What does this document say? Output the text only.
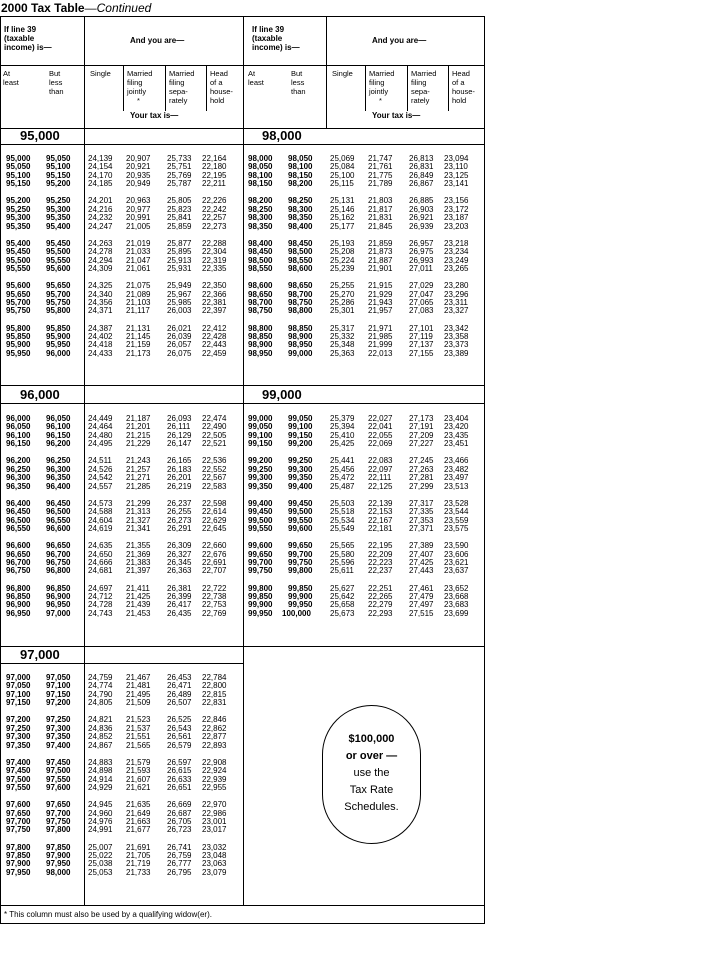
2000 Tax Table—Continued
If line 39
(taxable
income) is—
And you are—
At
least
But
less
than
Single Married
filing
jointly
*
Married
filing
sepa-
rately
Head
of a
house-
hold
Your tax is—
If line 39
(taxable
income) is—
And you are—
At
least
But
less
than
Single Married
filing
jointly
*
Married
filing
sepa-
rately
Head
of a
house-
hold
Your tax is—
95,000	98,000
96,000	99,000
97,000
95,000 95,050 24,139 20,907 25,733 22,164
95,050 95,100 24,154 20,921 25,751 22,180
95,100 95,150 24,170 20,935 25,769 22,195
95,150 95,200 24,185 20,949 25,787 22,211
95,200 95,250 24,201 20,963 25,805 22,226
95,250 95,300 24,216 20,977 25,823 22,242
95,300 95,350 24,232 20,991 25,841 22,257
95,350 95,400 24,247 21,005 25,859 22,273
95,400 95,450 24,263 21,019 25,877 22,288
95,450 95,500 24,278 21,033 25,895 22,304
95,500 95,550 24,294 21,047 25,913 22,319
95,550 95,600 24,309 21,061 25,931 22,335
95,600 95,650 24,325 21,075 25,949 22,350
95,650 95,700 24,340 21,089 25,967 22,366
95,700 95,750 24,356 21,103 25,985 22,381
95,750 95,800 24,371 21,117 26,003 22,397
95,800 95,850 24,387 21,131 26,021 22,412
95,850 95,900 24,402 21,145 26,039 22,428
95,900 95,950 24,418 21,159 26,057 22,443
95,950 96,000 24,433 21,173 26,075 22,459
98,000 98,050 25,069 21,747 26,813 23,094
98,050 98,100 25,084 21,761 26,831 23,110
98,100 98,150 25,100 21,775 26,849 23,125
98,150 98,200 25,115 21,789 26,867 23,141
98,200 98,250 25,131 21,803 26,885 23,156
98,250 98,300 25,146 21,817 26,903 23,172
98,300 98,350 25,162 21,831 26,921 23,187
98,350 98,400 25,177 21,845 26,939 23,203
98,400 98,450 25,193 21,859 26,957 23,218
98,450 98,500 25,208 21,873 26,975 23,234
98,500 98,550 25,224 21,887 26,993 23,249
98,550 98,600 25,239 21,901 27,011 23,265
98,600 98,650 25,255 21,915 27,029 23,280
98,650 98,700 25,270 21,929 27,047 23,296
98,700 98,750 25,286 21,943 27,065 23,311
98,750 98,800 25,301 21,957 27,083 23,327
98,800 98,850 25,317 21,971 27,101 23,342
98,850 98,900 25,332 21,985 27,119 23,358
98,900 98,950 25,348 21,999 27,137 23,373
98,950 99,000 25,363 22,013 27,155 23,389
96,000 96,050 24,449 21,187 26,093 22,474
96,050 96,100 24,464 21,201 26,111 22,490
96,100 96,150 24,480 21,215 26,129 22,505
96,150 96,200 24,495 21,229 26,147 22,521
96,200 96,250 24,511 21,243 26,165 22,536
96,250 96,300 24,526 21,257 26,183 22,552
96,300 96,350 24,542 21,271 26,201 22,567
96,350 96,400 24,557 21,285 26,219 22,583
96,400 96,450 24,573 21,299 26,237 22,598
96,450 96,500 24,588 21,313 26,255 22,614
96,500 96,550 24,604 21,327 26,273 22,629
96,550 96,600 24,619 21,341 26,291 22,645
96,600 96,650 24,635 21,355 26,309 22,660
96,650 96,700 24,650 21,369 26,327 22,676
96,700 96,750 24,666 21,383 26,345 22,691
96,750 96,800 24,681 21,397 26,363 22,707
96,800 96,850 24,697 21,411 26,381 22,722
96,850 96,900 24,712 21,425 26,399 22,738
96,900 96,950 24,728 21,439 26,417 22,753
96,950 97,000 24,743 21,453 26,435 22,769
99,000 99,050 25,379 22,027 27,173 23,404
99,050 99,100 25,394 22,041 27,191 23,420
99,100 99,150 25,410 22,055 27,209 23,435
99,150 99,200 25,425 22,069 27,227 23,451
99,200 99,250 25,441 22,083 27,245 23,466
99,250 99,300 25,456 22,097 27,263 23,482
99,300 99,350 25,472 22,111 27,281 23,497
99,350 99,400 25,487 22,125 27,299 23,513
99,400 99,450 25,503 22,139 27,317 23,528
99,450 99,500 25,518 22,153 27,335 23,544
99,500 99,550 25,534 22,167 27,353 23,559
99,550 99,600 25,549 22,181 27,371 23,575
99,600 99,650 25,565 22,195 27,389 23,590
99,650 99,700 25,580 22,209 27,407 23,606
99,700 99,750 25,596 22,223 27,425 23,621
99,750 99,800 25,611 22,237 27,443 23,637
99,800 99,850 25,627 22,251 27,461 23,652
99,850 99,900 25,642 22,265 27,479 23,668
99,900 99,950 25,658 22,279 27,497 23,683
99,950 100,000 25,673 22,293 27,515 23,699
97,000 97,050 24,759 21,467 26,453 22,784
97,050 97,100 24,774 21,481 26,471 22,800
97,100 97,150 24,790 21,495 26,489 22,815
97,150 97,200 24,805 21,509 26,507 22,831
97,200 97,250 24,821 21,523 26,525 22,846
97,250 97,300 24,836 21,537 26,543 22,862
97,300 97,350 24,852 21,551 26,561 22,877
97,350 97,400 24,867 21,565 26,579 22,893
97,400 97,450 24,883 21,579 26,597 22,908
97,450 97,500 24,898 21,593 26,615 22,924
97,500 97,550 24,914 21,607 26,633 22,939
97,550 97,600 24,929 21,621 26,651 22,955
97,600 97,650 24,945 21,635 26,669 22,970
97,650 97,700 24,960 21,649 26,687 22,986
97,700 97,750 24,976 21,663 26,705 23,001
97,750 97,800 24,991 21,677 26,723 23,017
97,800 97,850 25,007 21,691 26,741 23,032
97,850 97,900 25,022 21,705 26,759 23,048
97,900 97,950 25,038 21,719 26,777 23,063
97,950 98,000 25,053 21,733 26,795 23,079
$100,000
or over —
use the
Tax Rate
Schedules.
* This column must also be used by a qualifying widow(er).
